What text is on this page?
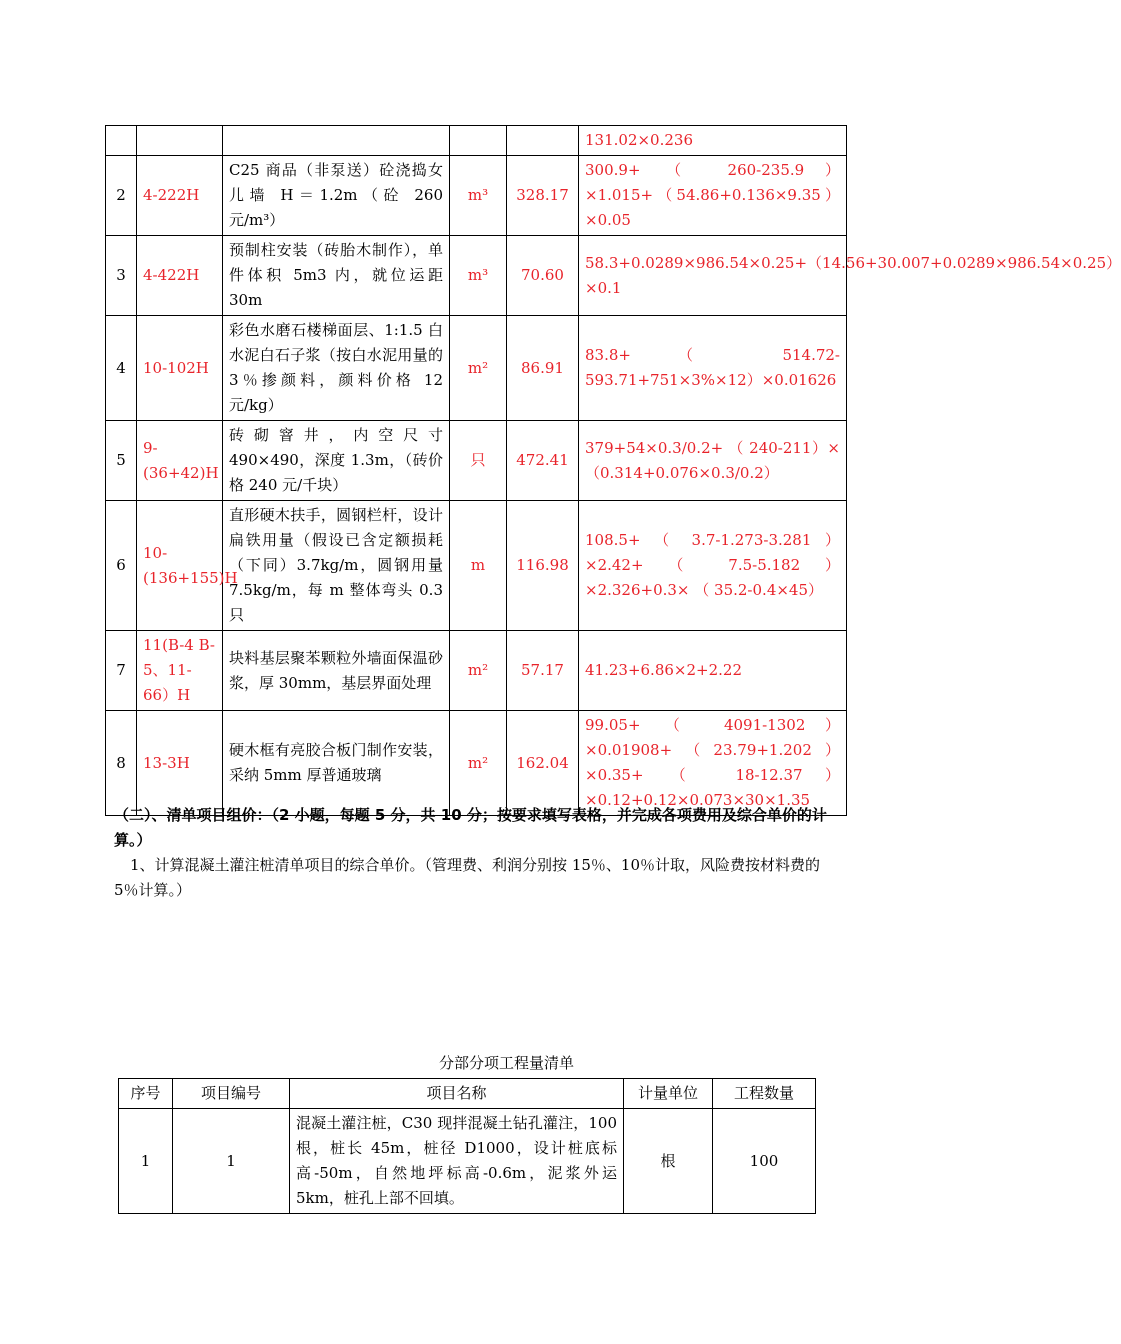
					131.02×0.236
2	4-222H	C25 商品（非泵送）砼浇捣女儿墙 H＝1.2m（砼 260 元/m³）	m³	328.17	300.9+ （ 260-235.9）×1.015+（54.86+0.136×9.35）×0.05
3	4-422H	预制柱安装（砖胎木制作），单件体积 5m3 内，就位运距 30m	m³	70.60	58.3+0.0289×986.54×0.25+（14.56+30.007+0.0289×986.54×0.25）×0.1
4	10-102H	彩色水磨石楼梯面层、1:1.5 白水泥白石子浆（按白水泥用量的 3％掺颜料，颜料价格 12 元/kg）	m²	86.91	83.8+ （ 514.72-593.71+751×3%×12）×0.01626
5	9-(36+42)H	砖砌窨井，内空尺寸 490×490，深度 1.3m，（砖价格 240 元/千块）	只	472.41	379+54×0.3/0.2+ （ 240-211）×（0.314+0.076×0.3/0.2）
6	10-(136+155)H	直形硬木扶手，圆钢栏杆，设计扁铁用量（假设已含定额损耗（下同）3.7kg/m，圆钢用量 7.5kg/m，每 m 整体弯头 0.3 只	m	116.98	108.5+ （ 3.7-1.273-3.281 ） ×2.42+ （ 7.5-5.182 ） ×2.326+0.3× （ 35.2-0.4×45）
7	11(B-4 B-5、11-66）H	块料基层聚苯颗粒外墙面保温砂浆，厚 30mm，基层界面处理	m²	57.17	41.23+6.86×2+2.22
8	13-3H	硬木框有亮胶合板门制作安装，采纳 5mm 厚普通玻璃	m²	162.04	99.05+ （ 4091-1302）×0.01908+（23.79+1.202）×0.35+ （ 18-12.37）×0.12+0.12×0.073×30×1.35
（二）、清单项目组价：（2 小题，每题 5 分，共 10 分；按要求填写表格，并完成各项费用及综合单价的计算。）
1、计算混凝土灌注桩清单项目的综合单价。（管理费、利润分别按 15％、10％计取，风险费按材料费的 5％计算。）
分部分项工程量清单
序号	项目编号	项目名称	计量单位	工程数量
1	1	混凝土灌注桩，C30 现拌混凝土钻孔灌注，100 根，桩长 45m，桩径 D1000，设计桩底标高-50m，自然地坪标高-0.6m，泥浆外运 5km，桩孔上部不回填。	根	100
